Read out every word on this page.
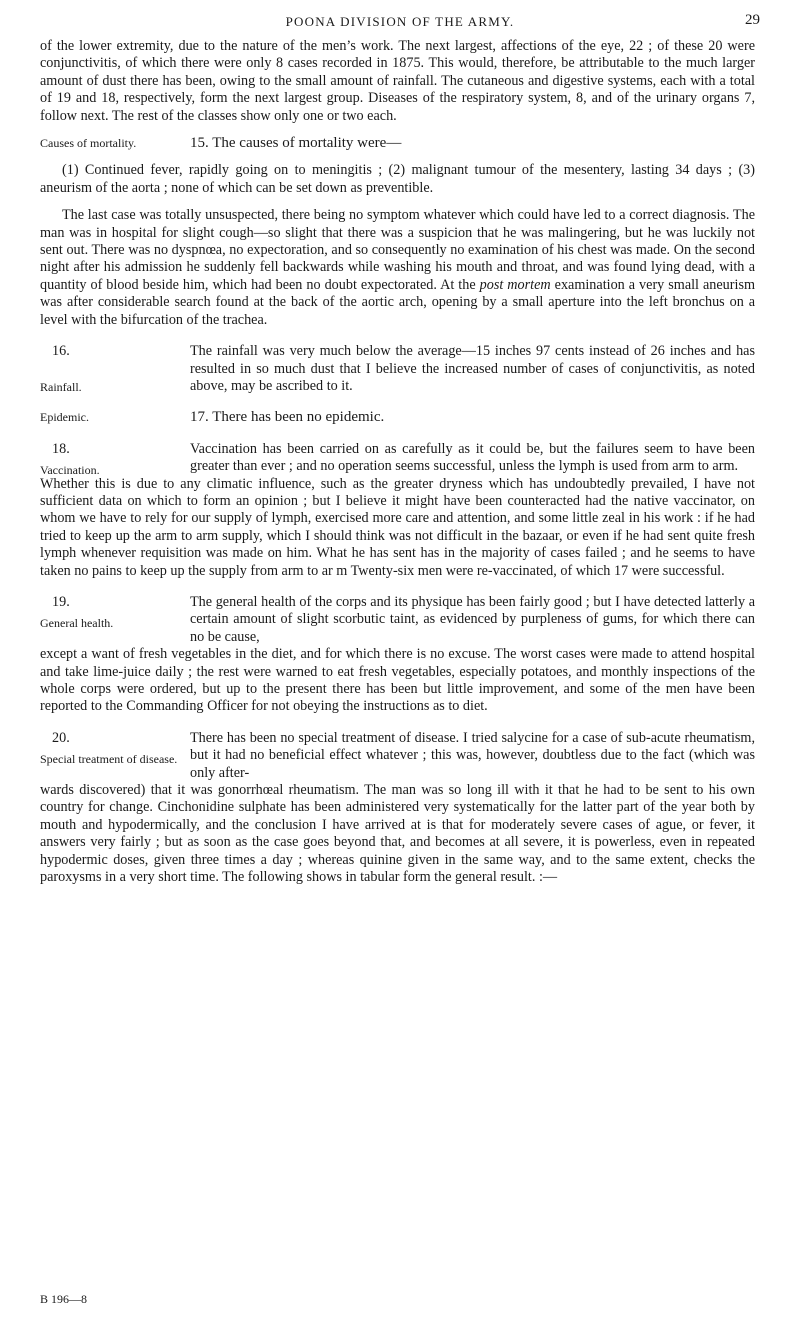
POONA DIVISION OF THE ARMY.	29

of the lower extremity, due to the nature of the men’s work. The next largest, affections of the eye, 22 ; of these 20 were conjunctivitis, of which there were only 8 cases recorded in 1875. This would, therefore, be attributable to the much larger amount of dust there has been, owing to the small amount of rainfall. The cutaneous and digestive systems, each with a total of 19 and 18, respectively, form the next largest group. Diseases of the respiratory system, 8, and of the urinary organs 7, follow next. The rest of the classes show only one or two each.

Causes of mortality.	15. The causes of mortality were—

(1) Continued fever, rapidly going on to meningitis ; (2) malignant tumour of the mesentery, lasting 34 days ; (3) aneurism of the aorta ; none of which can be set down as preventible.

The last case was totally unsuspected, there being no symptom whatever which could have led to a correct diagnosis. The man was in hospital for slight cough—so slight that there was a suspicion that he was malingering, but he was luckily not sent out. There was no dyspnœa, no expectoration, and so consequently no examination of his chest was made. On the second night after his admission he suddenly fell backwards while washing his mouth and throat, and was found lying dead, with a quantity of blood beside him, which had been no doubt expectorated. At the post mortem examination a very small aneurism was after considerable search found at the back of the aortic arch, opening by a small aperture into the left bronchus on a level with the bifurcation of the trachea.

16.
Rainfall.

The rainfall was very much below the average—15 inches 97 cents instead of 26 inches and has resulted in so much dust that I believe the increased number of cases of conjunctivitis, as noted above, may be ascribed to it.

Epidemic.	17. There has been no epidemic.
18.
Vaccination.

Vaccination has been carried on as carefully as it could be, but the failures seem to have been greater than ever ; and no operation seems successful, unless the lymph is used from arm to arm.

Whether this is due to any climatic influence, such as the greater dryness which has undoubtedly prevailed, I have not sufficient data on which to form an opinion ; but I believe it might have been counteracted had the native vaccinator, on whom we have to rely for our supply of lymph, exercised more care and attention, and some little zeal in his work : if he had tried to keep up the arm to arm supply, which I should think was not difficult in the bazaar, or even if he had sent quite fresh lymph whenever requisition was made on him. What he has sent has in the majority of cases failed ; and he seems to have taken no pains to keep up the supply from arm to ar m Twenty-six men were re-vaccinated, of which 17 were successful.

19.
General health.

The general health of the corps and its physique has been fairly good ; but I have detected latterly a certain amount of slight scorbutic taint, as evidenced by purpleness of gums, for which there can no be cause,

except a want of fresh vegetables in the diet, and for which there is no excuse. The worst cases were made to attend hospital and take lime-juice daily ; the rest were warned to eat fresh vegetables, especially potatoes, and monthly inspections of the whole corps were ordered, but up to the present there has been but little improvement, and some of the men have been reported to the Commanding Officer for not obeying the instructions as to diet.

20.
Special treatment of disease.

There has been no special treatment of disease. I tried salycine for a case of sub-acute rheumatism, but it had no beneficial effect whatever ; this was, however, doubtless due to the fact (which was only after-

wards discovered) that it was gonorrhœal rheumatism. The man was so long ill with it that he had to be sent to his own country for change. Cinchonidine sulphate has been administered very systematically for the latter part of the year both by mouth and hypodermically, and the conclusion I have arrived at is that for moderately severe cases of ague, or fever, it answers very fairly ; but as soon as the case goes beyond that, and becomes at all severe, it is powerless, even in repeated hypodermic doses, given three times a day ; whereas quinine given in the same way, and to the same extent, checks the paroxysms in a very short time. The following shows in tabular form the general result. :—

B 196—8
